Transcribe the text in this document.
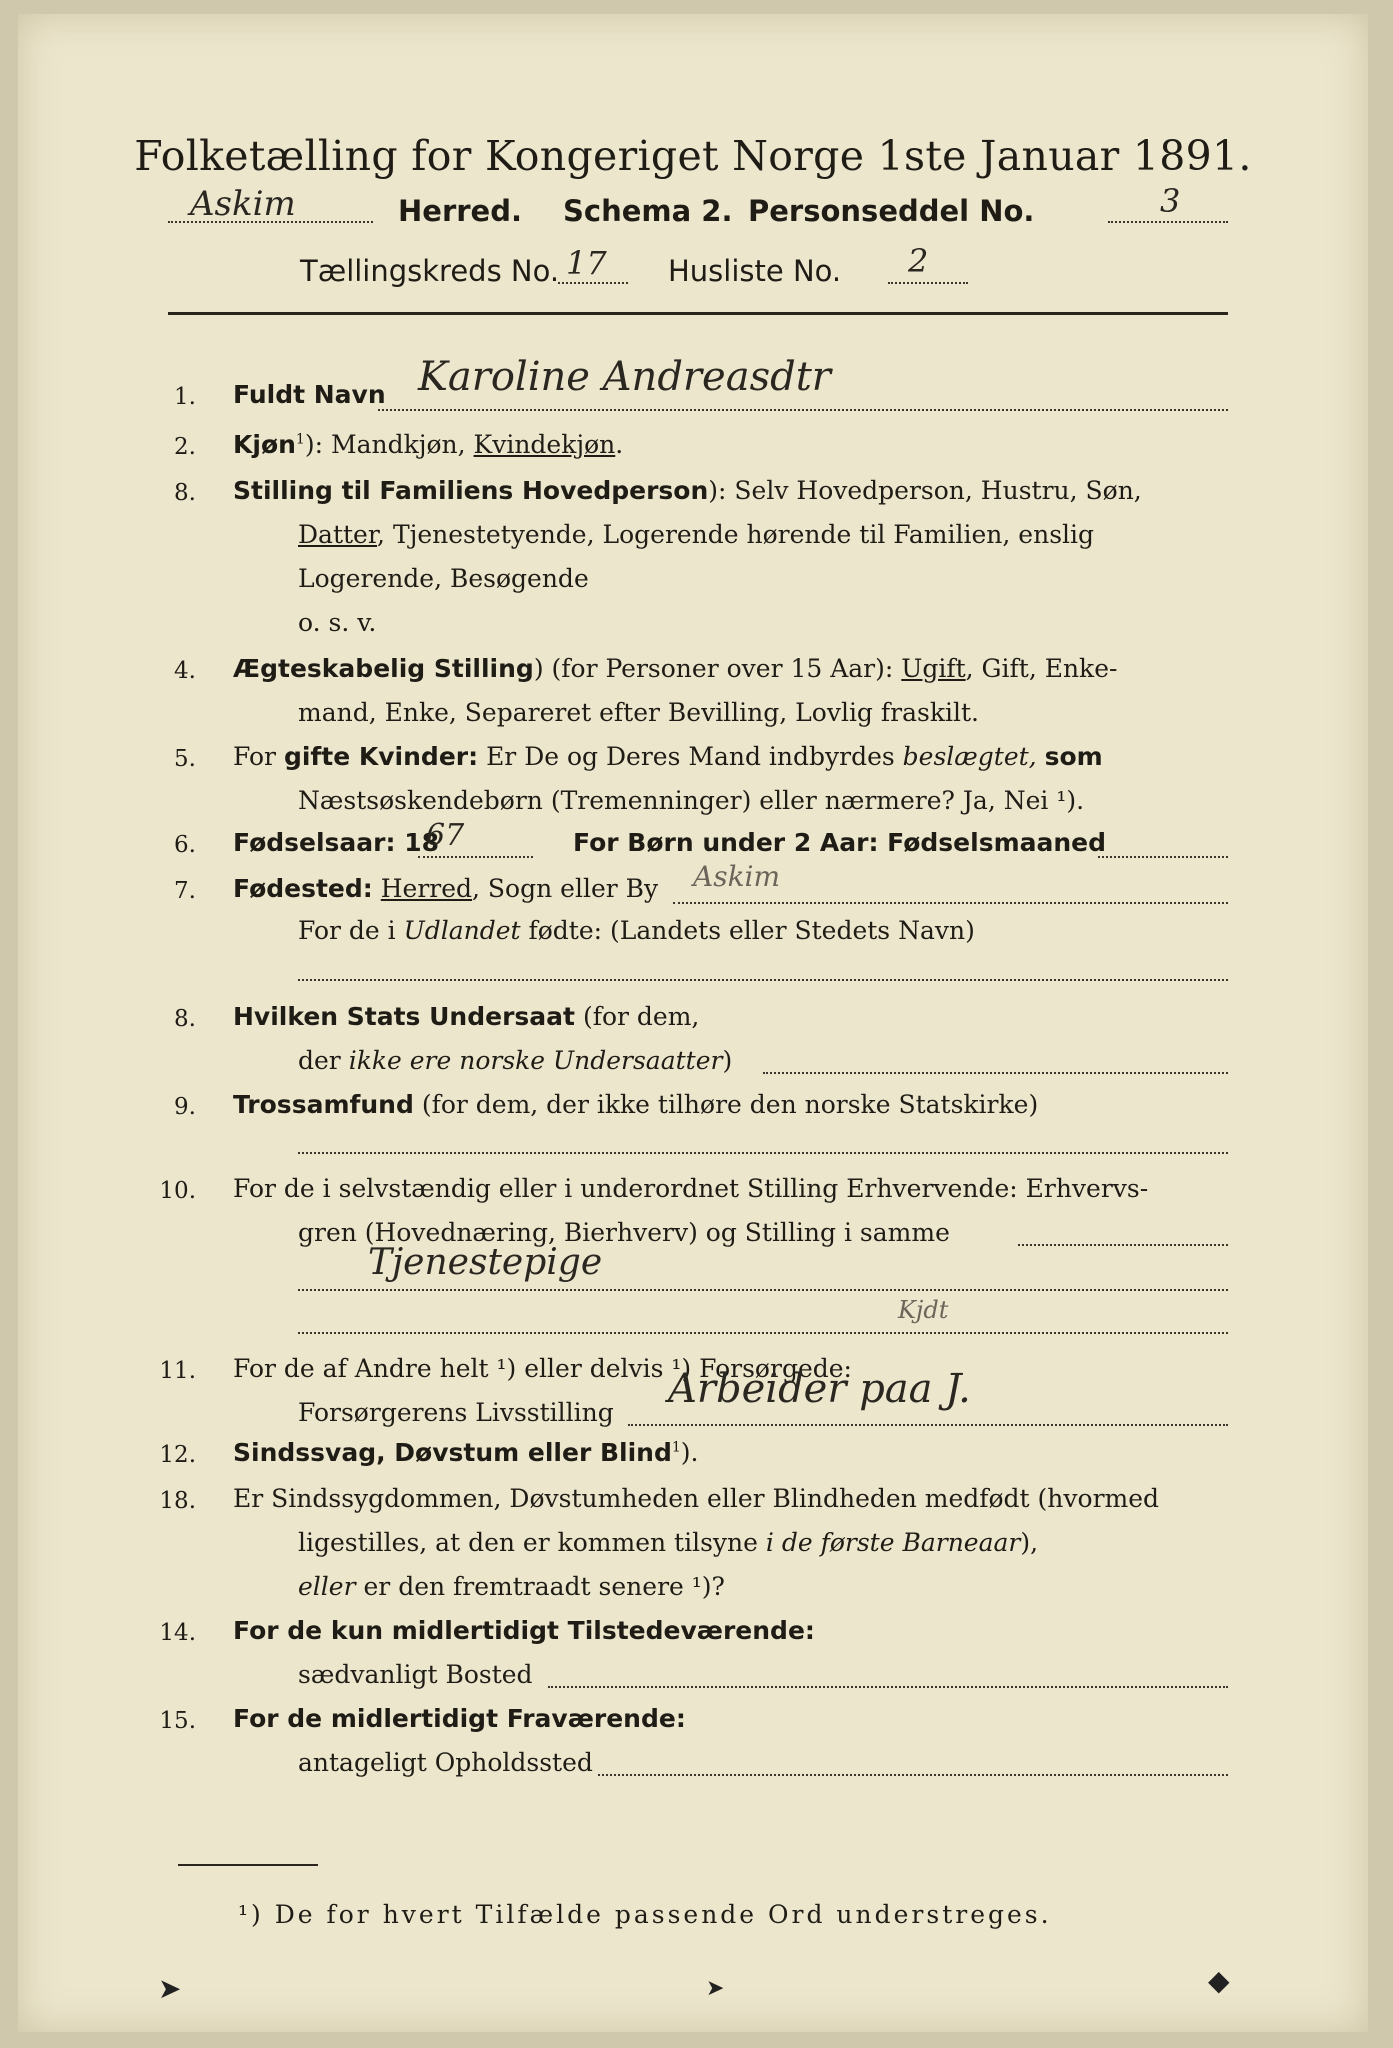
Folketælling for Kongeriget Norge 1ste Januar 1891.
Askim	Herred. Schema 2. Personseddel No.	3
Tællingskreds No. 17 Husliste No. 2
1. Fuldt Navn Karoline Andreasdtr
2. Kjøn$^1$): Mandkjøn, Kvindekjøn.
8. Stilling til Familiens Hovedperson): Selv Hovedperson, Hustru, Søn,
Datter, Tjenestetyende, Logerende hørende til Familien, enslig
Logerende, Besøgende
o. s. v.
4. Ægteskabelig Stilling) (for Personer over 15 Aar): Ugift, Gift, Enke-
mand, Enke, Separeret efter Bevilling, Lovlig fraskilt.
5. For gifte Kvinder: Er De og Deres Mand indbyrdes beslægtet, som
Næstsøskendebørn (Tremenninger) eller nærmere? Ja, Nei ¹).
6. Fødselsaar: 18
67	For Børn under 2 Aar: Fødselsmaaned
7. Fødested: Herred, Sogn eller By Askim
For de i Udlandet fødte: (Landets eller Stedets Navn)
8. Hvilken Stats Undersaat (for dem,
der ikke ere norske Undersaatter)
9. Trossamfund (for dem, der ikke tilhøre den norske Statskirke)
10. For de i selvstændig eller i underordnet Stilling Erhvervende: Erhvervs-
gren (Hovednæring, Bierhverv) og Stilling i samme
Tjenestepige
Kjdt
11. For de af Andre helt ¹) eller delvis ¹) Forsørgede:
Forsørgerens Livsstilling
Arbeider paa J.
12. Sindssvag, Døvstum eller Blind$^1$).
18. Er Sindssygdommen, Døvstumheden eller Blindheden medfødt (hvormed
ligestilles, at den er kommen tilsyne i de første Barneaar),
eller er den fremtraadt senere ¹)?
14. For de kun midlertidigt Tilstedeværende:
sædvanligt Bosted
15. For de midlertidigt Fraværende:
antageligt Opholdssted
¹) De for hvert Tilfælde passende Ord understreges.
➤	➤	◆
